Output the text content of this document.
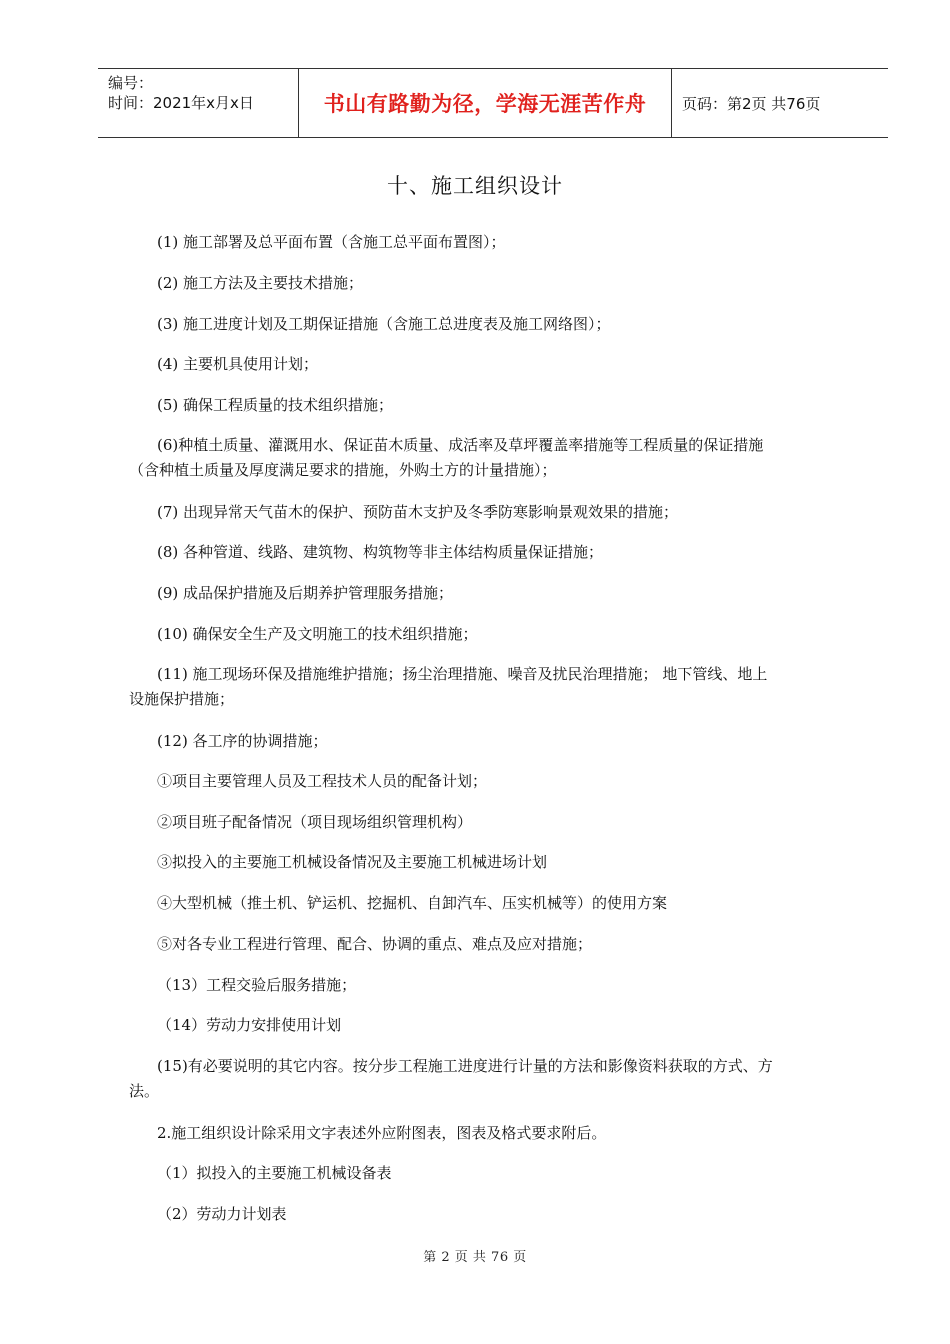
编号：
时间：2021年x月x日	书山有路勤为径，学海无涯苦作舟	页码：第2页 共76页
十、施工组织设计
(1) 施工部署及总平面布置（含施工总平面布置图）；
(2) 施工方法及主要技术措施；
(3) 施工进度计划及工期保证措施（含施工总进度表及施工网络图）；
(4) 主要机具使用计划；
(5) 确保工程质量的技术组织措施；
(6)种植土质量、灌溉用水、保证苗木质量、成活率及草坪覆盖率措施等工程质量的保证措施
（含种植土质量及厚度满足要求的措施，外购土方的计量措施）；
(7) 出现异常天气苗木的保护、预防苗木支护及冬季防寒影响景观效果的措施；
(8) 各种管道、线路、建筑物、构筑物等非主体结构质量保证措施；
(9) 成品保护措施及后期养护管理服务措施；
(10) 确保安全生产及文明施工的技术组织措施；
(11) 施工现场环保及措施维护措施；扬尘治理措施、噪音及扰民治理措施； 地下管线、地上
设施保护措施；
(12) 各工序的协调措施；
①项目主要管理人员及工程技术人员的配备计划；
②项目班子配备情况（项目现场组织管理机构）
③拟投入的主要施工机械设备情况及主要施工机械进场计划
④大型机械（推土机、铲运机、挖掘机、自卸汽车、压实机械等）的使用方案
⑤对各专业工程进行管理、配合、协调的重点、难点及应对措施；
（13）工程交验后服务措施；
（14）劳动力安排使用计划
(15)有必要说明的其它内容。按分步工程施工进度进行计量的方法和影像资料获取的方式、方
法。
2.施工组织设计除采用文字表述外应附图表，图表及格式要求附后。
（1）拟投入的主要施工机械设备表
（2）劳动力计划表
第 2 页 共 76 页
